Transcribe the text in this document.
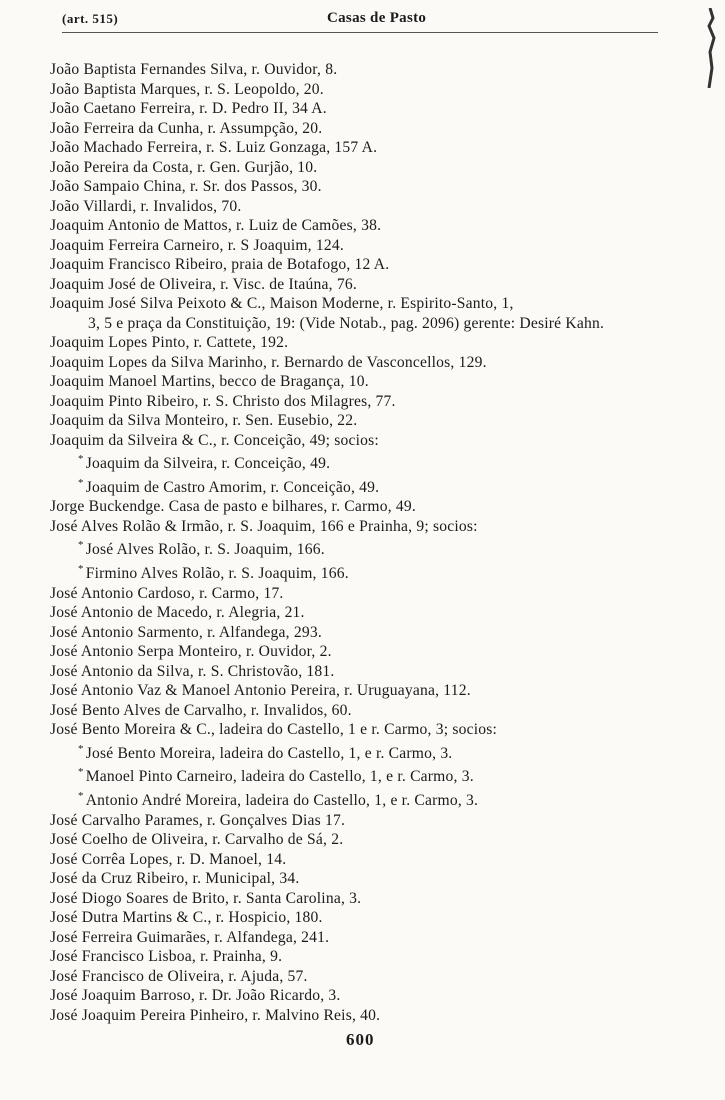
(art. 515)	Casas de Pasto
João Baptista Fernandes Silva, r. Ouvidor, 8.
João Baptista Marques, r. S. Leopoldo, 20.
João Caetano Ferreira, r. D. Pedro II, 34 A.
João Ferreira da Cunha, r. Assumpção, 20.
João Machado Ferreira, r. S. Luiz Gonzaga, 157 A.
João Pereira da Costa, r. Gen. Gurjão, 10.
João Sampaio China, r. Sr. dos Passos, 30.
João Villardi, r. Invalidos, 70.
Joaquim Antonio de Mattos, r. Luiz de Camões, 38.
Joaquim Ferreira Carneiro, r. S Joaquim, 124.
Joaquim Francisco Ribeiro, praia de Botafogo, 12 A.
Joaquim José de Oliveira, r. Visc. de Itaúna, 76.
Joaquim José Silva Peixoto & C., Maison Moderne, r. Espirito-Santo, 1,
3, 5 e praça da Constituição, 19: (Vide Notab., pag. 2096) gerente: Desiré Kahn.
Joaquim Lopes Pinto, r. Cattete, 192.
Joaquim Lopes da Silva Marinho, r. Bernardo de Vasconcellos, 129.
Joaquim Manoel Martins, becco de Bragança, 10.
Joaquim Pinto Ribeiro, r. S. Christo dos Milagres, 77.
Joaquim da Silva Monteiro, r. Sen. Eusebio, 22.
Joaquim da Silveira & C., r. Conceição, 49; socios:
* Joaquim da Silveira, r. Conceição, 49.
* Joaquim de Castro Amorim, r. Conceição, 49.
Jorge Buckendge. Casa de pasto e bilhares, r. Carmo, 49.
José Alves Rolão & Irmão, r. S. Joaquim, 166 e Prainha, 9; socios:
* José Alves Rolão, r. S. Joaquim, 166.
* Firmino Alves Rolão, r. S. Joaquim, 166.
José Antonio Cardoso, r. Carmo, 17.
José Antonio de Macedo, r. Alegria, 21.
José Antonio Sarmento, r. Alfandega, 293.
José Antonio Serpa Monteiro, r. Ouvidor, 2.
José Antonio da Silva, r. S. Christovão, 181.
José Antonio Vaz & Manoel Antonio Pereira, r. Uruguayana, 112.
José Bento Alves de Carvalho, r. Invalidos, 60.
José Bento Moreira & C., ladeira do Castello, 1 e r. Carmo, 3; socios:
* José Bento Moreira, ladeira do Castello, 1, e r. Carmo, 3.
* Manoel Pinto Carneiro, ladeira do Castello, 1, e r. Carmo, 3.
* Antonio André Moreira, ladeira do Castello, 1, e r. Carmo, 3.
José Carvalho Parames, r. Gonçalves Dias 17.
José Coelho de Oliveira, r. Carvalho de Sá, 2.
José Corrêa Lopes, r. D. Manoel, 14.
José da Cruz Ribeiro, r. Municipal, 34.
José Diogo Soares de Brito, r. Santa Carolina, 3.
José Dutra Martins & C., r. Hospicio, 180.
José Ferreira Guimarães, r. Alfandega, 241.
José Francisco Lisboa, r. Prainha, 9.
José Francisco de Oliveira, r. Ajuda, 57.
José Joaquim Barroso, r. Dr. João Ricardo, 3.
José Joaquim Pereira Pinheiro, r. Malvino Reis, 40.
600
